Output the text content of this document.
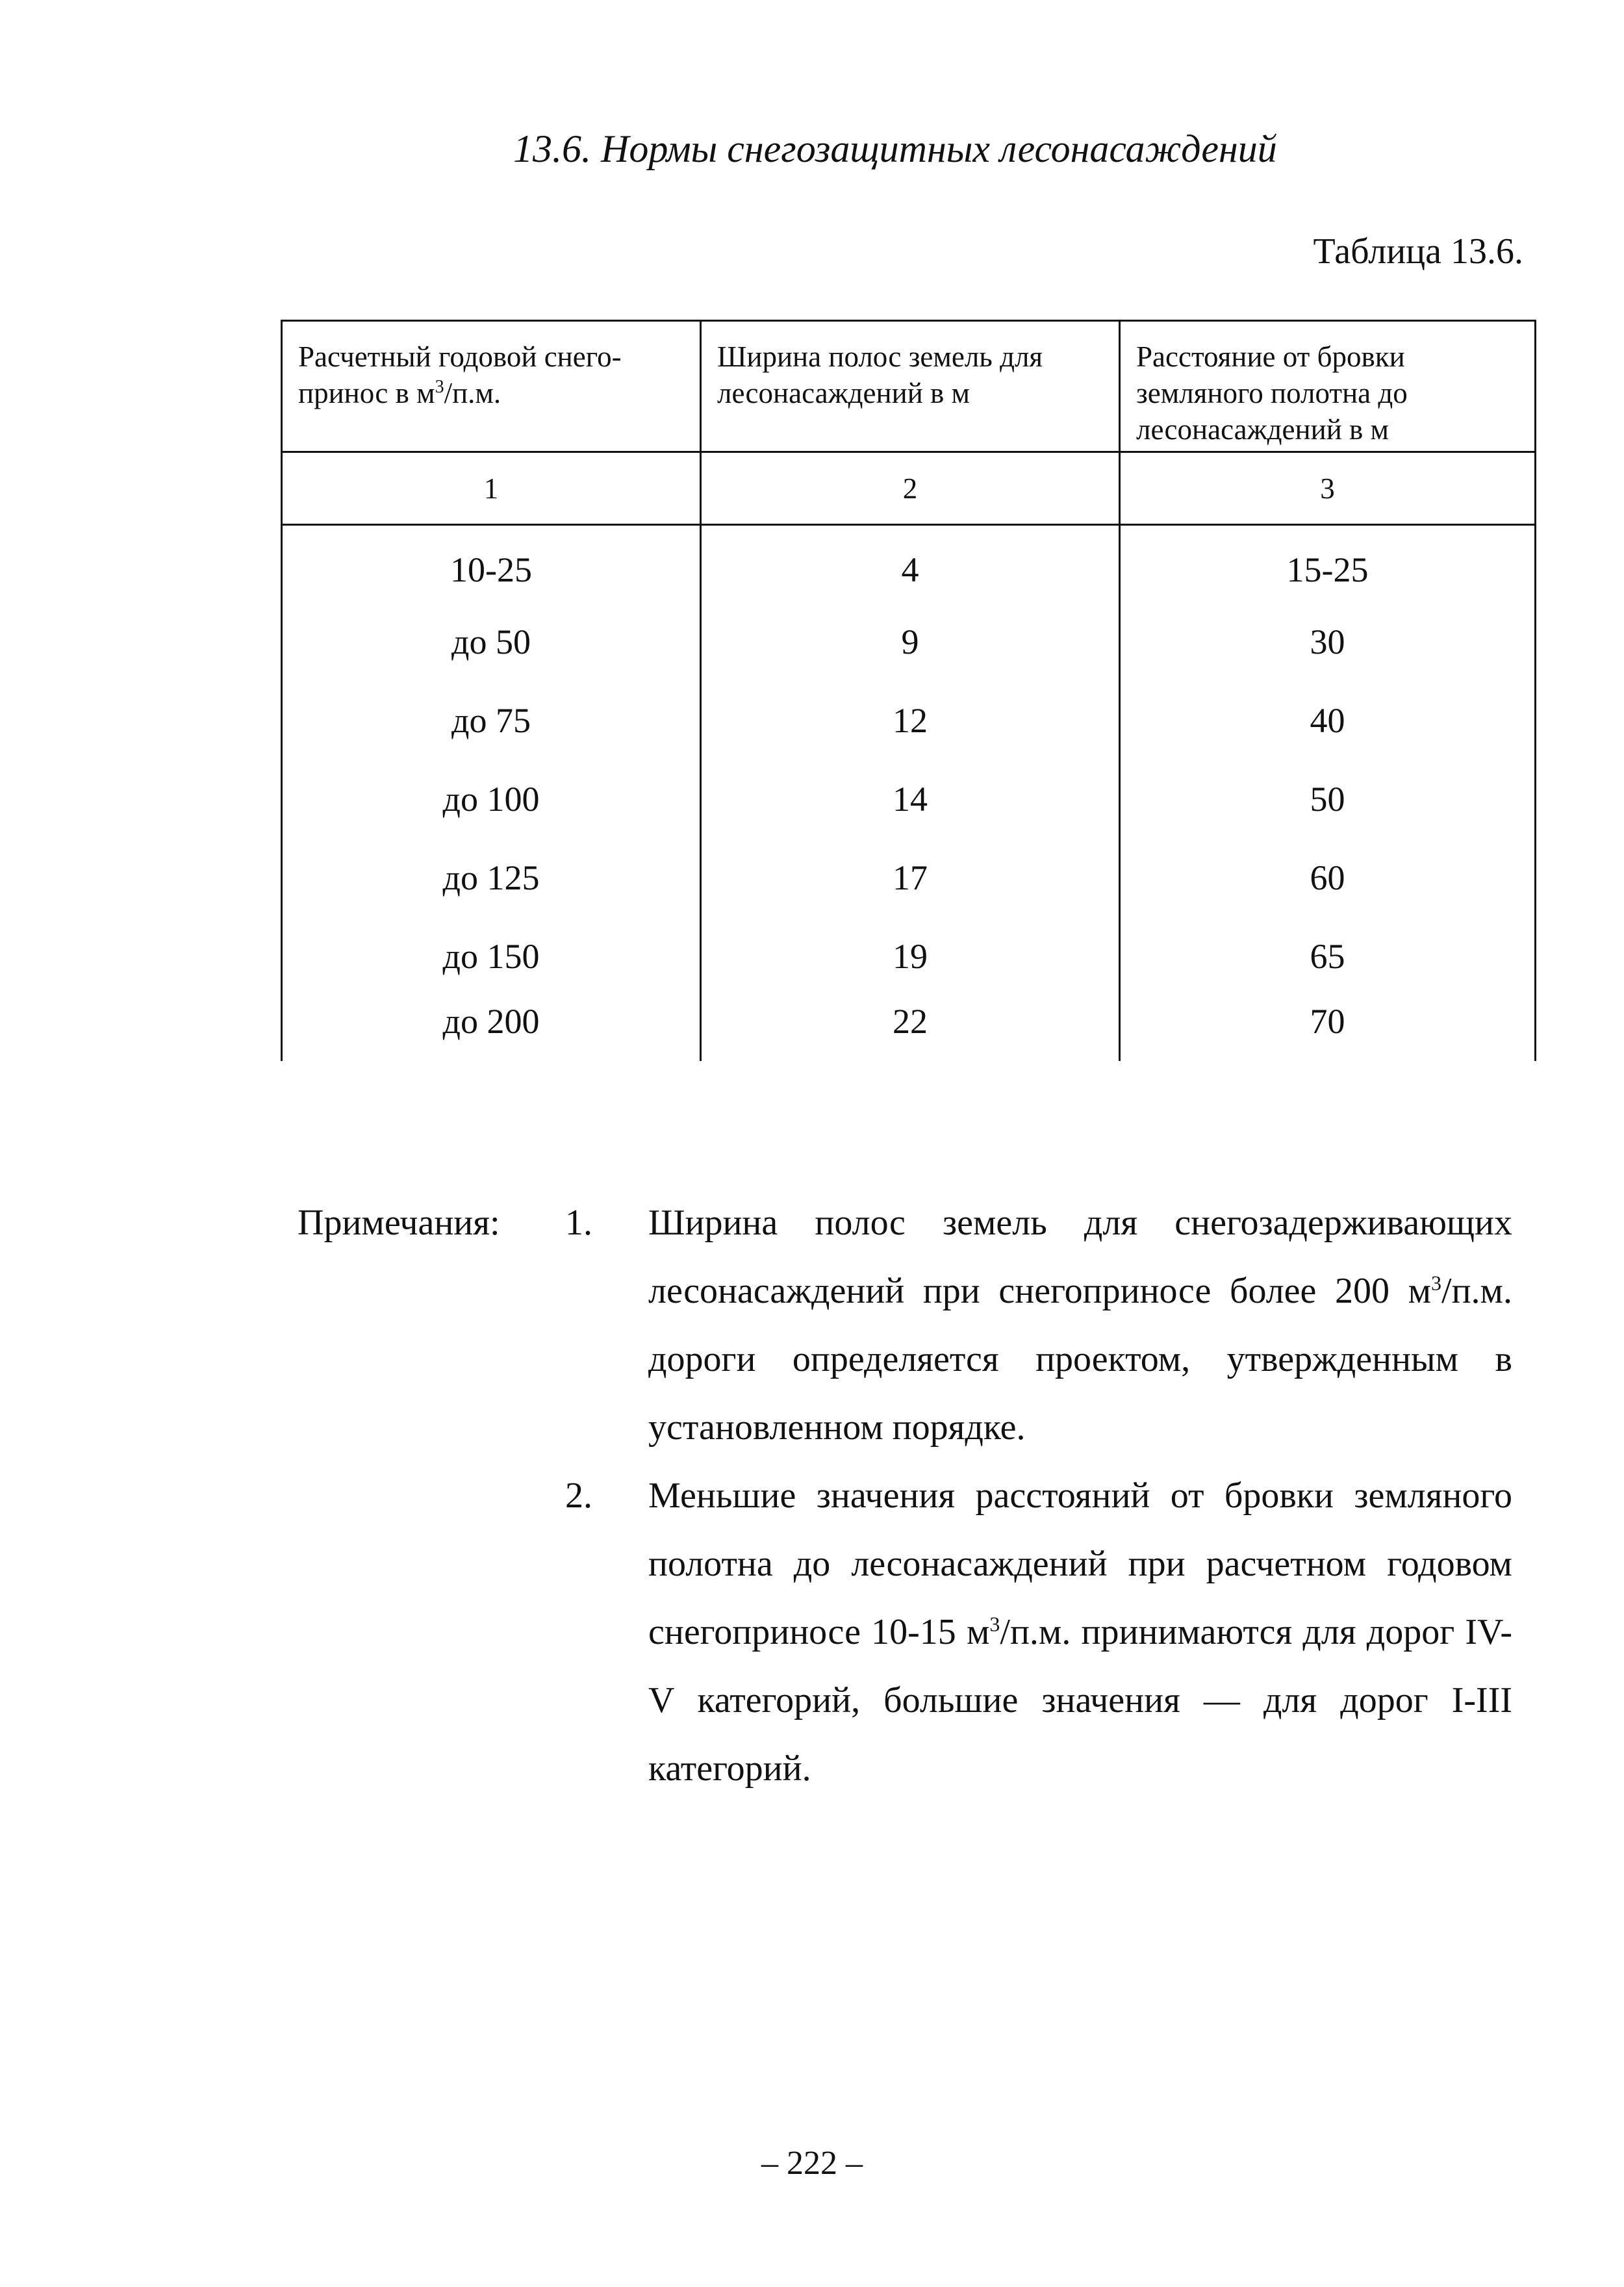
13.6. Нормы снегозащитных лесонасаждений
Таблица 13.6.
Расчетный годовой снего-принос в $м^3/п.м$.	Ширина полос земель для лесонасаждений в м	Расстояние от бровки земляного полотна до лесонасаждений в м
1	2	3
10-25	4	15-25
до 50	9	30
до 75	12	40
до 100	14	50
до 125	17	60
до 150	19	65
до 200	22	70
Примечания: 1. Ширина полос земель для снегозадерживающих лесонасаждений при снегоприносе более 200 $м^3/п.м$. дороги определяется проектом, утвержденным в установленном порядке.
2. Меньшие значения расстояний от бровки земляного полотна до лесонасаждений при расчетном годовом снегоприносе 10-15 $м^3/п.м$. принимаются для дорог IV-V категорий, большие значения — для дорог I-III категорий.
– 222 –
